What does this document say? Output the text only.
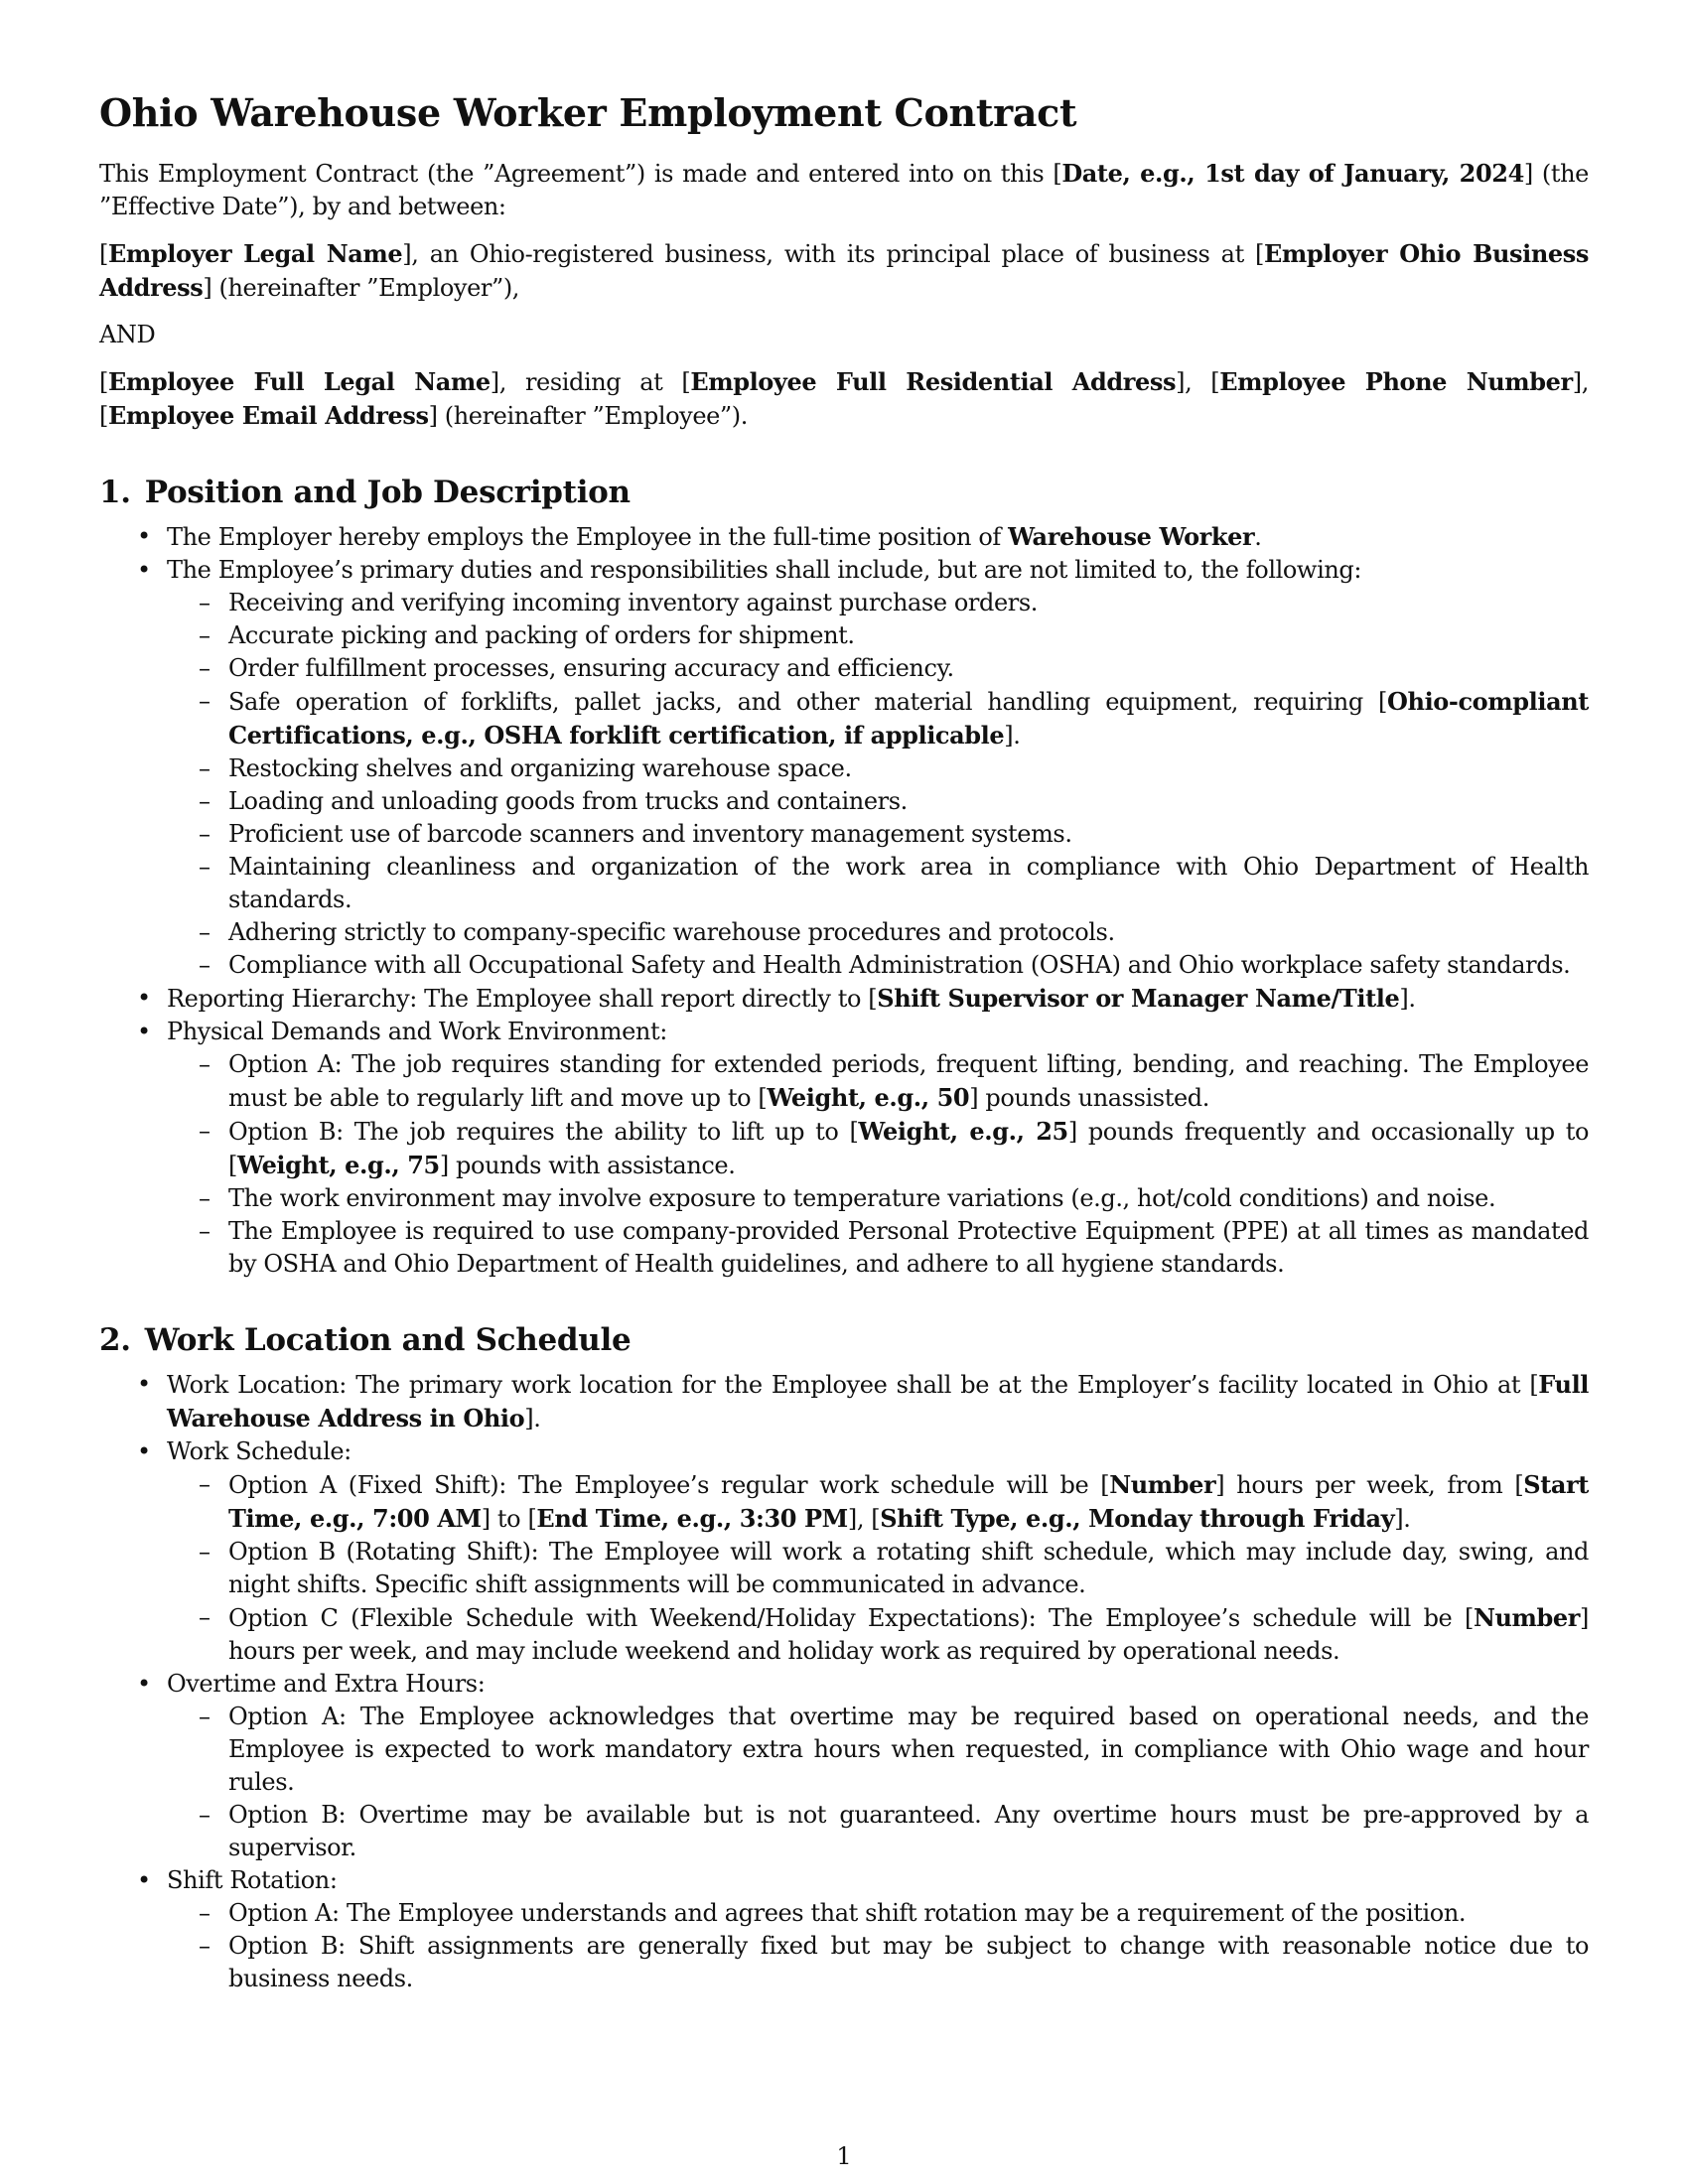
Ohio Warehouse Worker Employment Contract
This Employment Contract (the ”Agreement”) is made and entered into on this [Date, e.g., 1st day of January, 2024] (the ”Effective Date”), by and between:
[Employer Legal Name], an Ohio-registered business, with its principal place of business at [Employer Ohio Business Address] (hereinafter ”Employer”),
AND
[Employee Full Legal Name], residing at [Employee Full Residential Address], [Employee Phone Number], [Employee Email Address] (hereinafter ”Employee”).
1. Position and Job Description
• The Employer hereby employs the Employee in the full-time position of Warehouse Worker.
• The Employee’s primary duties and responsibilities shall include, but are not limited to, the following:
– Receiving and verifying incoming inventory against purchase orders.
– Accurate picking and packing of orders for shipment.
– Order fulfillment processes, ensuring accuracy and efficiency.
– Safe operation of forklifts, pallet jacks, and other material handling equipment, requiring [Ohio-compliant Certifications, e.g., OSHA forklift certification, if applicable].
– Restocking shelves and organizing warehouse space.
– Loading and unloading goods from trucks and containers.
– Proficient use of barcode scanners and inventory management systems.
– Maintaining cleanliness and organization of the work area in compliance with Ohio Department of Health standards.
– Adhering strictly to company-specific warehouse procedures and protocols.
– Compliance with all Occupational Safety and Health Administration (OSHA) and Ohio workplace safety standards.
• Reporting Hierarchy: The Employee shall report directly to [Shift Supervisor or Manager Name/Title].
• Physical Demands and Work Environment:
– Option A: The job requires standing for extended periods, frequent lifting, bending, and reaching. The Employee must be able to regularly lift and move up to [Weight, e.g., 50] pounds unassisted.
– Option B: The job requires the ability to lift up to [Weight, e.g., 25] pounds frequently and occasionally up to [Weight, e.g., 75] pounds with assistance.
– The work environment may involve exposure to temperature variations (e.g., hot/cold conditions) and noise.
– The Employee is required to use company-provided Personal Protective Equipment (PPE) at all times as mandated by OSHA and Ohio Department of Health guidelines, and adhere to all hygiene standards.
2. Work Location and Schedule
• Work Location: The primary work location for the Employee shall be at the Employer’s facility located in Ohio at [Full Warehouse Address in Ohio].
• Work Schedule:
– Option A (Fixed Shift): The Employee’s regular work schedule will be [Number] hours per week, from [Start Time, e.g., 7:00 AM] to [End Time, e.g., 3:30 PM], [Shift Type, e.g., Monday through Friday].
– Option B (Rotating Shift): The Employee will work a rotating shift schedule, which may include day, swing, and night shifts. Specific shift assignments will be communicated in advance.
– Option C (Flexible Schedule with Weekend/Holiday Expectations): The Employee’s schedule will be [Number] hours per week, and may include weekend and holiday work as required by operational needs.
• Overtime and Extra Hours:
– Option A: The Employee acknowledges that overtime may be required based on operational needs, and the Employee is expected to work mandatory extra hours when requested, in compliance with Ohio wage and hour rules.
– Option B: Overtime may be available but is not guaranteed. Any overtime hours must be pre-approved by a supervisor.
• Shift Rotation:
– Option A: The Employee understands and agrees that shift rotation may be a requirement of the position.
– Option B: Shift assignments are generally fixed but may be subject to change with reasonable notice due to business needs.
1
